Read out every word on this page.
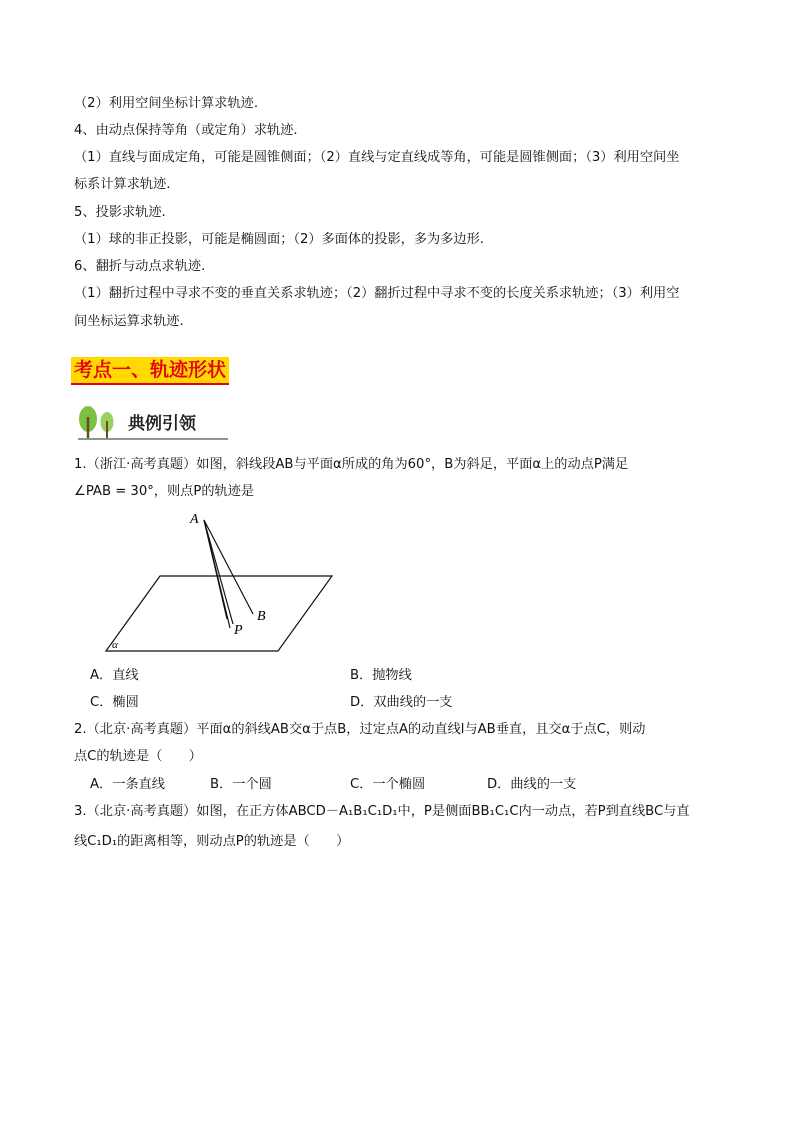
（2）利用空间坐标计算求轨迹.
4、由动点保持等角（或定角）求轨迹.
（1）直线与面成定角，可能是圆锥侧面；（2）直线与定直线成等角，可能是圆锥侧面；（3）利用空间坐
标系计算求轨迹.
5、投影求轨迹.
（1）球的非正投影，可能是椭圆面；（2）多面体的投影，多为多边形.
6、翻折与动点求轨迹.
（1）翻折过程中寻求不变的垂直关系求轨迹；（2）翻折过程中寻求不变的长度关系求轨迹；（3）利用空
间坐标运算求轨迹.
考点一、轨迹形状
典例引领
1.（浙江·高考真题）如图，斜线段AB与平面α所成的角为60°，B为斜足，平面α上的动点P满足
∠PAB = 30°，则点P的轨迹是
A
B
P
α
A．直线	B．抛物线
C．椭圆	D．双曲线的一支
2.（北京·高考真题）平面α的斜线AB交α于点B，过定点A的动直线l与AB垂直，且交α于点C，则动
点C的轨迹是（　　）
A．一条直线	B．一个圆	C．一个椭圆	D．曲线的一支
3.（北京·高考真题）如图，在正方体ABCD－A₁B₁C₁D₁中，P是侧面BB₁C₁C内一动点，若P到直线BC与直
线C₁D₁的距离相等，则动点P的轨迹是（　　）
